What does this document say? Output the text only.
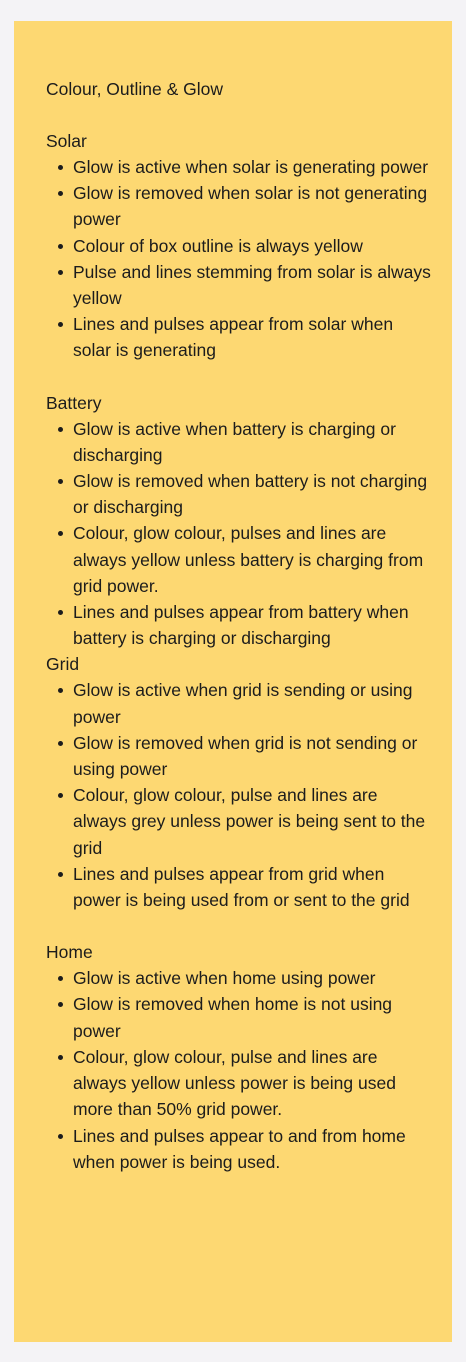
Colour, Outline & Glow
Solar
Glow is active when solar is generating power
Glow is removed when solar is not generating power
Colour of box outline is always yellow
Pulse and lines stemming from solar is always yellow
Lines and pulses appear from solar when solar is generating
Battery
Glow is active when battery is charging or discharging
Glow is removed when battery is not charging or discharging
Colour, glow colour, pulses and lines are always yellow unless battery is charging from grid power.
Lines and pulses appear from battery when battery is charging or discharging
Grid
Glow is active when grid is sending or using power
Glow is removed when grid is not sending or using power
Colour, glow colour, pulse and lines are always grey unless power is being sent to the grid
Lines and pulses appear from grid when power is being used from or sent to the grid
Home
Glow is active when home using power
Glow is removed when home is not using power
Colour, glow colour, pulse and lines are always yellow unless power is being used more than 50% grid power.
Lines and pulses appear to and from home when power is being used.
